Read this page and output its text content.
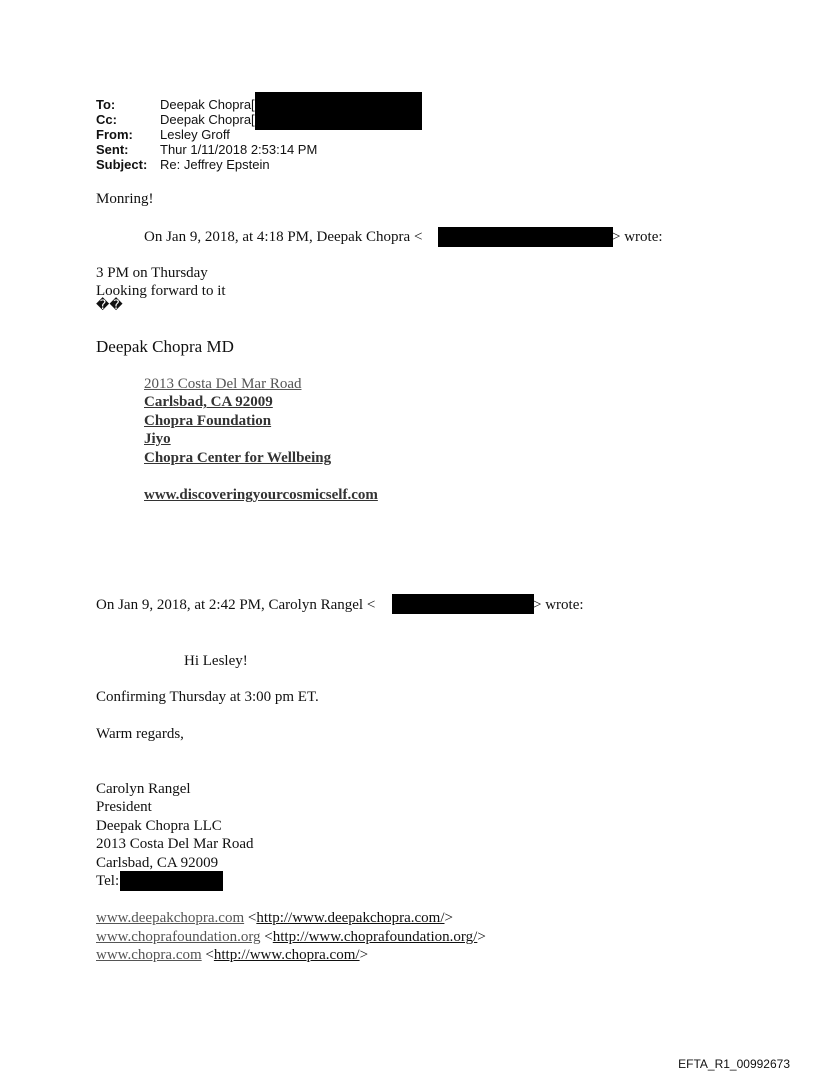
To:	Deepak Chopra[
Cc:	Deepak Chopra[
From: Lesley Groff
Sent: Thur 1/11/2018 2:53:14 PM
Subject: Re: Jeffrey Epstein
Monring!
On Jan 9, 2018, at 4:18 PM, Deepak Chopra <	> wrote:
3 PM on Thursday
Looking forward to it
��
Deepak Chopra MD
2013 Costa Del Mar Road
Carlsbad, CA 92009
Chopra Foundation
Jiyo
Chopra Center for Wellbeing
www.discoveringyourcosmicself.com
On Jan 9, 2018, at 2:42 PM, Carolyn Rangel <	> wrote:
Hi Lesley!
Confirming Thursday at 3:00 pm ET.
Warm regards,
Carolyn Rangel
President
Deepak Chopra LLC
2013 Costa Del Mar Road
Carlsbad, CA 92009
Tel:
www.deepakchopra.com <http://www.deepakchopra.com/>
www.choprafoundation.org <http://www.choprafoundation.org/>
www.chopra.com <http://www.chopra.com/>
EFTA_R1_00992673
